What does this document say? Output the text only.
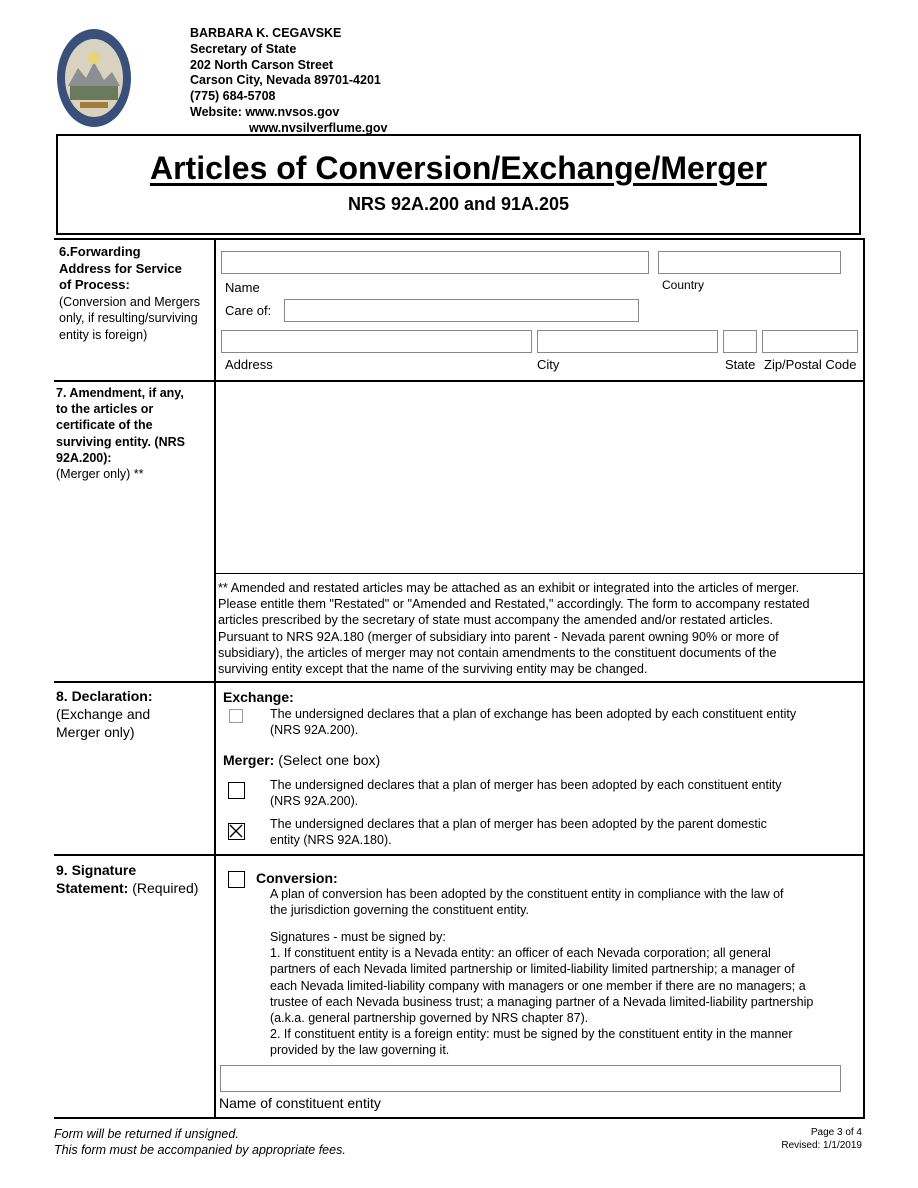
BARBARA K. CEGAVSKE
Secretary of State
202 North Carson Street
Carson City, Nevada 89701-4201
(775) 684-5708
Website: www.nvsos.gov
www.nvsilverflume.gov
Articles of Conversion/Exchange/Merger
NRS 92A.200 and 91A.205
6.Forwarding
Address for Service
of Process:
(Conversion and Mergers
only, if resulting/surviving
entity is foreign)
Name	Country
Care of:
Address	City	State Zip/Postal Code
7. Amendment, if any,
to the articles or
certificate of the
surviving entity. (NRS
92A.200):
(Merger only) **
** Amended and restated articles may be attached as an exhibit or integrated into the articles of merger.
Please entitle them "Restated" or "Amended and Restated," accordingly. The form to accompany restated
articles prescribed by the secretary of state must accompany the amended and/or restated articles.
Pursuant to NRS 92A.180 (merger of subsidiary into parent - Nevada parent owning 90% or more of
subsidiary), the articles of merger may not contain amendments to the constituent documents of the
surviving entity except that the name of the surviving entity may be changed.
8. Declaration:
(Exchange and
Merger only)
Exchange:
The undersigned declares that a plan of exchange has been adopted by each constituent entity
(NRS 92A.200).
Merger: (Select one box)
The undersigned declares that a plan of merger has been adopted by each constituent entity
(NRS 92A.200).
The undersigned declares that a plan of merger has been adopted by the parent domestic
entity (NRS 92A.180).
9. Signature
Statement: (Required)
Conversion:
A plan of conversion has been adopted by the constituent entity in compliance with the law of
the jurisdiction governing the constituent entity.
Signatures - must be signed by:
1. If constituent entity is a Nevada entity: an officer of each Nevada corporation; all general
partners of each Nevada limited partnership or limited-liability limited partnership; a manager of
each Nevada limited-liability company with managers or one member if there are no managers; a
trustee of each Nevada business trust; a managing partner of a Nevada limited-liability partnership
(a.k.a. general partnership governed by NRS chapter 87).
2. If constituent entity is a foreign entity: must be signed by the constituent entity in the manner
provided by the law governing it.
Name of constituent entity
Form will be returned if unsigned.
This form must be accompanied by appropriate fees.
Page 3 of 4
Revised: 1/1/2019
